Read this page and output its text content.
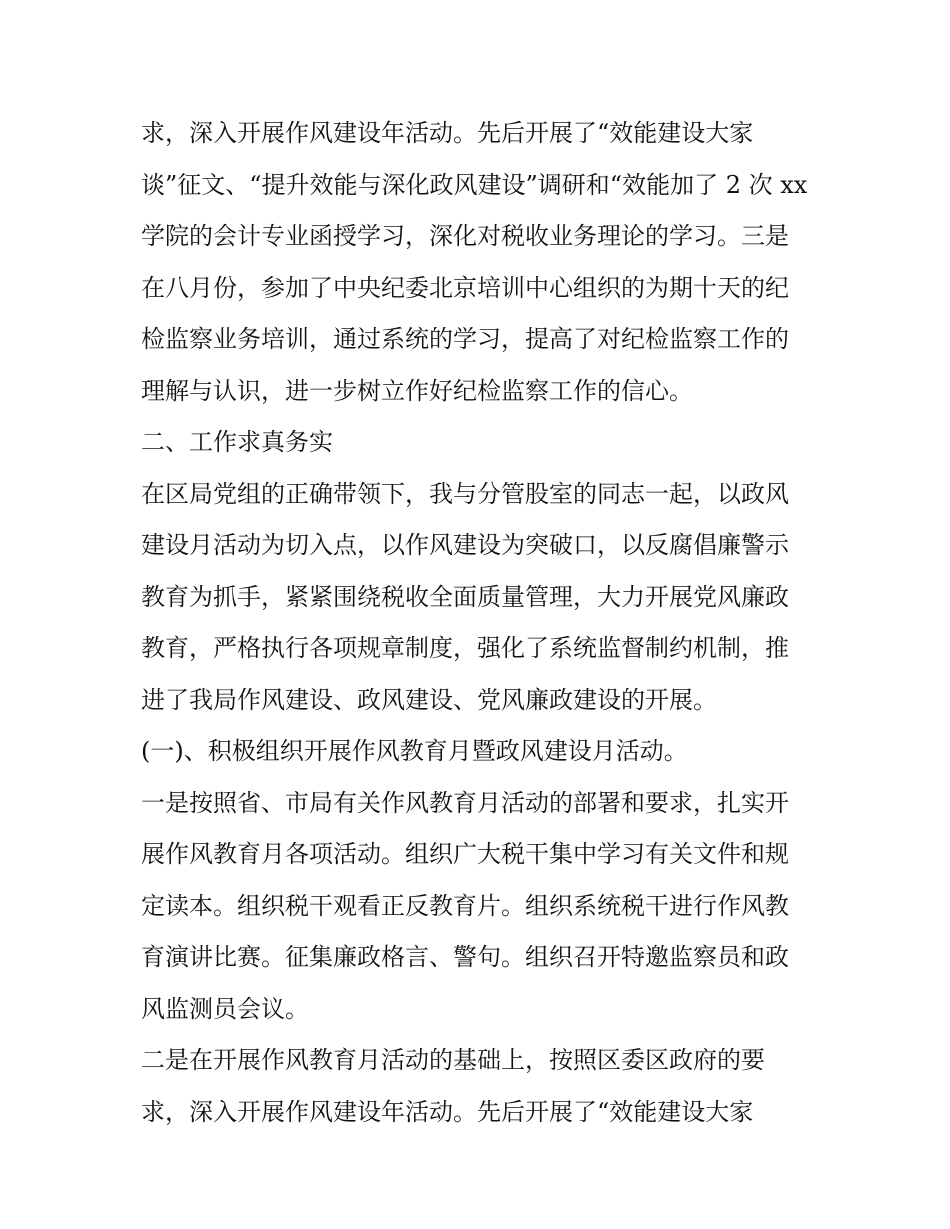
求，深入开展作风建设年活动。先后开展了“效能建设大家
谈”征文、“提升效能与深化政风建设”调研和“效能加了 2 次 xx
学院的会计专业函授学习，深化对税收业务理论的学习。三是
在八月份，参加了中央纪委北京培训中心组织的为期十天的纪
检监察业务培训，通过系统的学习，提高了对纪检监察工作的
理解与认识，进一步树立作好纪检监察工作的信心。
二、工作求真务实
在区局党组的正确带领下，我与分管股室的同志一起，以政风
建设月活动为切入点，以作风建设为突破口，以反腐倡廉警示
教育为抓手，紧紧围绕税收全面质量管理，大力开展党风廉政
教育，严格执行各项规章制度，强化了系统监督制约机制，推
进了我局作风建设、政风建设、党风廉政建设的开展。
(一)、积极组织开展作风教育月暨政风建设月活动。
一是按照省、市局有关作风教育月活动的部署和要求，扎实开
展作风教育月各项活动。组织广大税干集中学习有关文件和规
定读本。组织税干观看正反教育片。组织系统税干进行作风教
育演讲比赛。征集廉政格言、警句。组织召开特邀监察员和政
风监测员会议。
二是在开展作风教育月活动的基础上，按照区委区政府的要
求，深入开展作风建设年活动。先后开展了“效能建设大家
